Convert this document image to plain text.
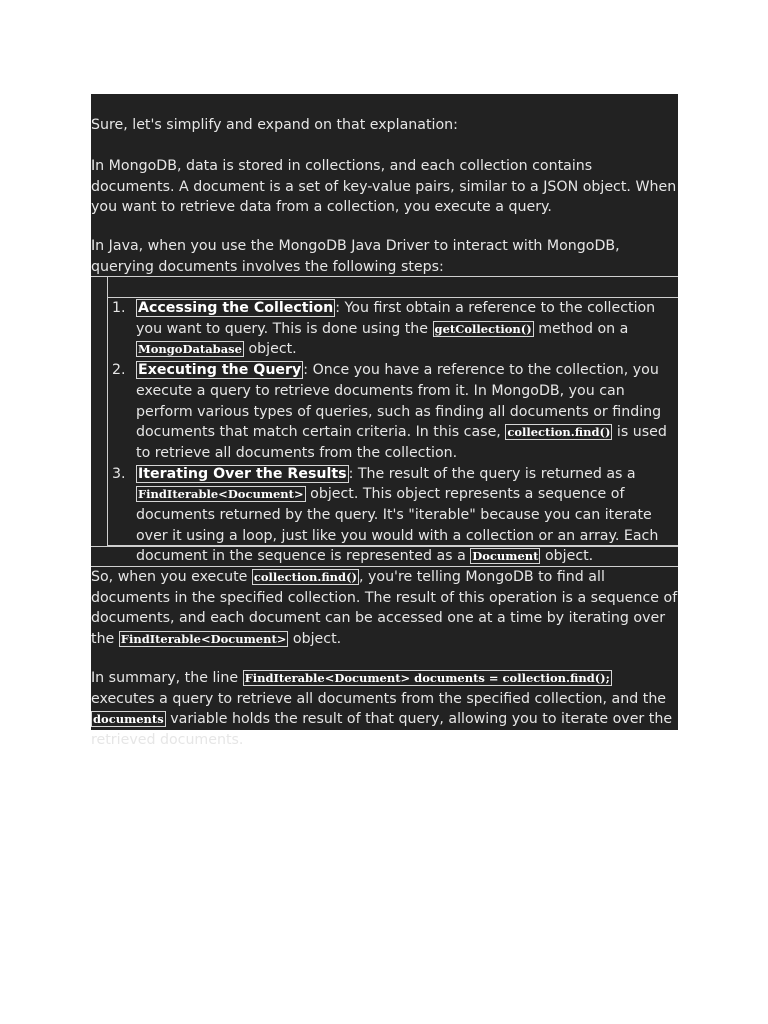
Sure, let's simplify and expand on that explanation:

In MongoDB, data is stored in collections, and each collection contains documents. A document is a set of key-value pairs, similar to a JSON object. When you want to retrieve data from a collection, you execute a query.

In Java, when you use the MongoDB Java Driver to interact with MongoDB, querying documents involves the following steps:

1. Accessing the Collection : You first obtain a reference to the collection you want to query. This is done using the getCollection() method on a MongoDatabase object.
2. Executing the Query : Once you have a reference to the collection, you execute a query to retrieve documents from it. In MongoDB, you can perform various types of queries, such as finding all documents or finding documents that match certain criteria. In this case, collection.find() is used to retrieve all documents from the collection.
3. Iterating Over the Results : The result of the query is returned as a FindIterable<Document> object. This object represents a sequence of documents returned by the query. It's "iterable" because you can iterate over it using a loop, just like you would with a collection or an array. Each document in the sequence is represented as a Document object.

So, when you execute collection.find() , you're telling MongoDB to find all documents in the specified collection. The result of this operation is a sequence of documents, and each document can be accessed one at a time by iterating over the FindIterable<Document> object.

In summary, the line FindIterable<Document> documents = collection.find(); executes a query to retrieve all documents from the specified collection, and the documents variable holds the result of that query, allowing you to iterate over the retrieved documents.
